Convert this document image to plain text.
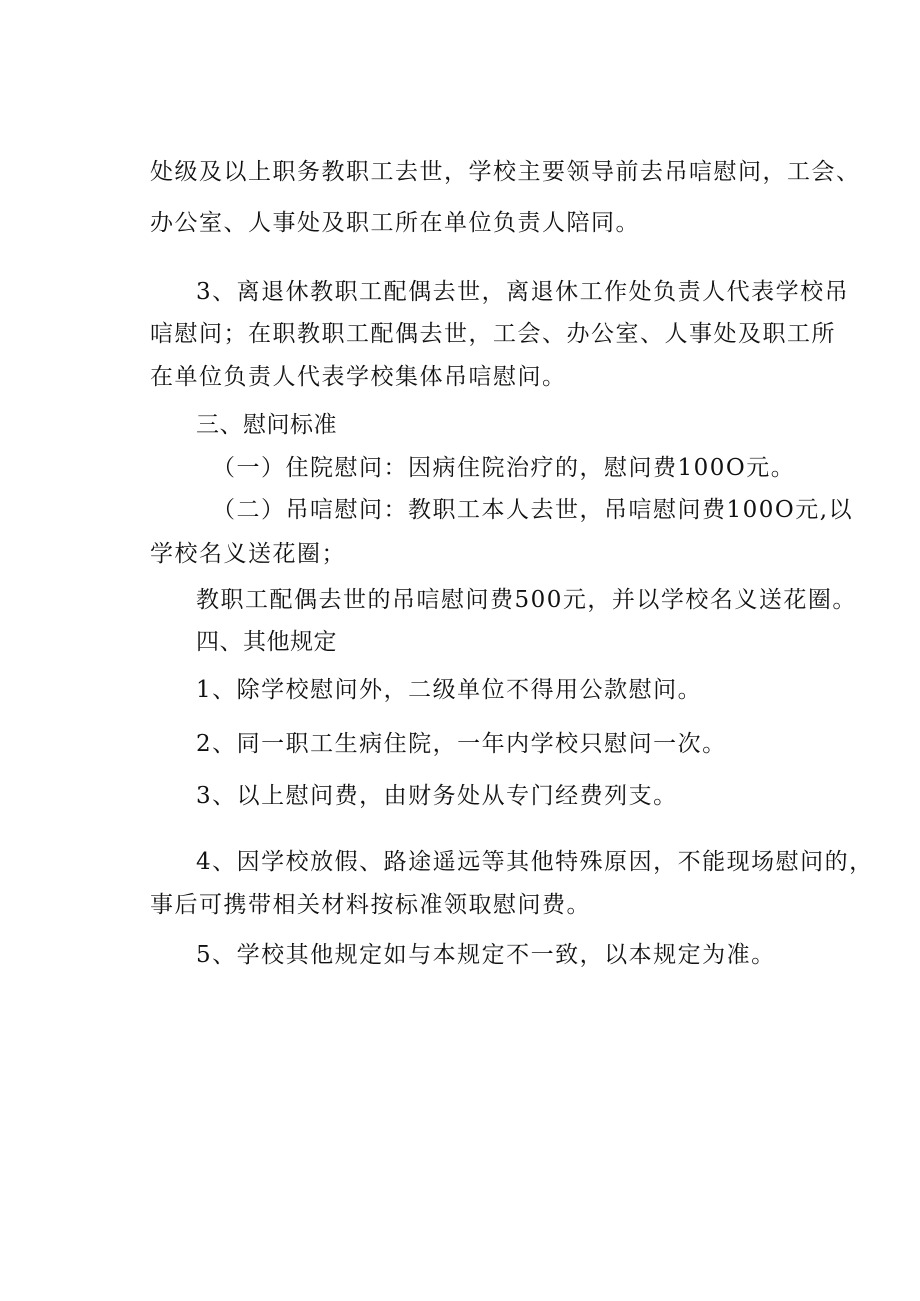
处级及以上职务教职工去世，学校主要领导前去吊唁慰问，工会、
办公室、人事处及职工所在单位负责人陪同。
3、离退休教职工配偶去世，离退休工作处负责人代表学校吊
唁慰问；在职教职工配偶去世，工会、办公室、人事处及职工所
在单位负责人代表学校集体吊唁慰问。
三、慰问标准
（一）住院慰问：因病住院治疗的，慰问费100O元。
（二）吊唁慰问：教职工本人去世，吊唁慰问费100O元,以
学校名义送花圈；
教职工配偶去世的吊唁慰问费500元，并以学校名义送花圈。
四、其他规定
1、除学校慰问外，二级单位不得用公款慰问。
2、同一职工生病住院，一年内学校只慰问一次。
3、以上慰问费，由财务处从专门经费列支。
4、因学校放假、路途遥远等其他特殊原因，不能现场慰问的，
事后可携带相关材料按标准领取慰问费。
5、学校其他规定如与本规定不一致，以本规定为准。
